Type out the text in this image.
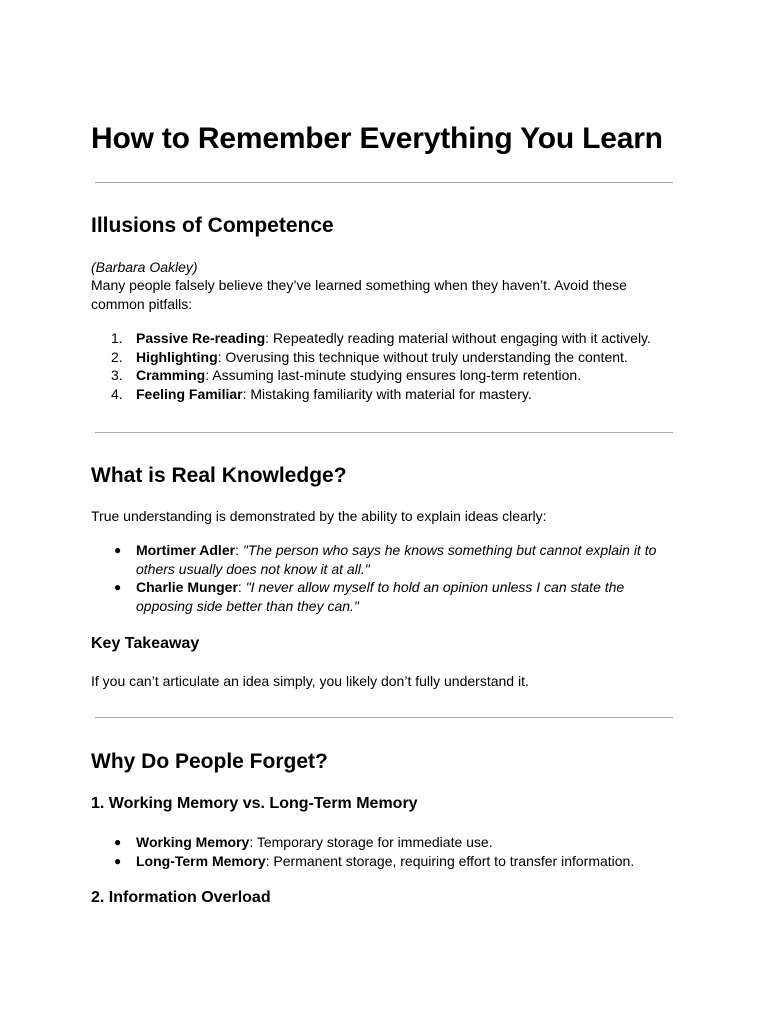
How to Remember Everything You Learn
Illusions of Competence

(Barbara Oakley)

Many people falsely believe they’ve learned something when they haven’t. Avoid these common pitfalls:

1. Passive Re-reading: Repeatedly reading material without engaging with it actively.
2. Highlighting: Overusing this technique without truly understanding the content.
3. Cramming: Assuming last-minute studying ensures long-term retention.
4. Feeling Familiar: Mistaking familiarity with material for mastery.
What is Real Knowledge?

True understanding is demonstrated by the ability to explain ideas clearly:

● Mortimer Adler: "The person who says he knows something but cannot explain it to others usually does not know it at all."
● Charlie Munger: "I never allow myself to hold an opinion unless I can state the opposing side better than they can."
Key Takeaway

If you can’t articulate an idea simply, you likely don’t fully understand it.

Why Do People Forget?
1. Working Memory vs. Long-Term Memory
● Working Memory: Temporary storage for immediate use.
● Long-Term Memory: Permanent storage, requiring effort to transfer information.
2. Information Overload
